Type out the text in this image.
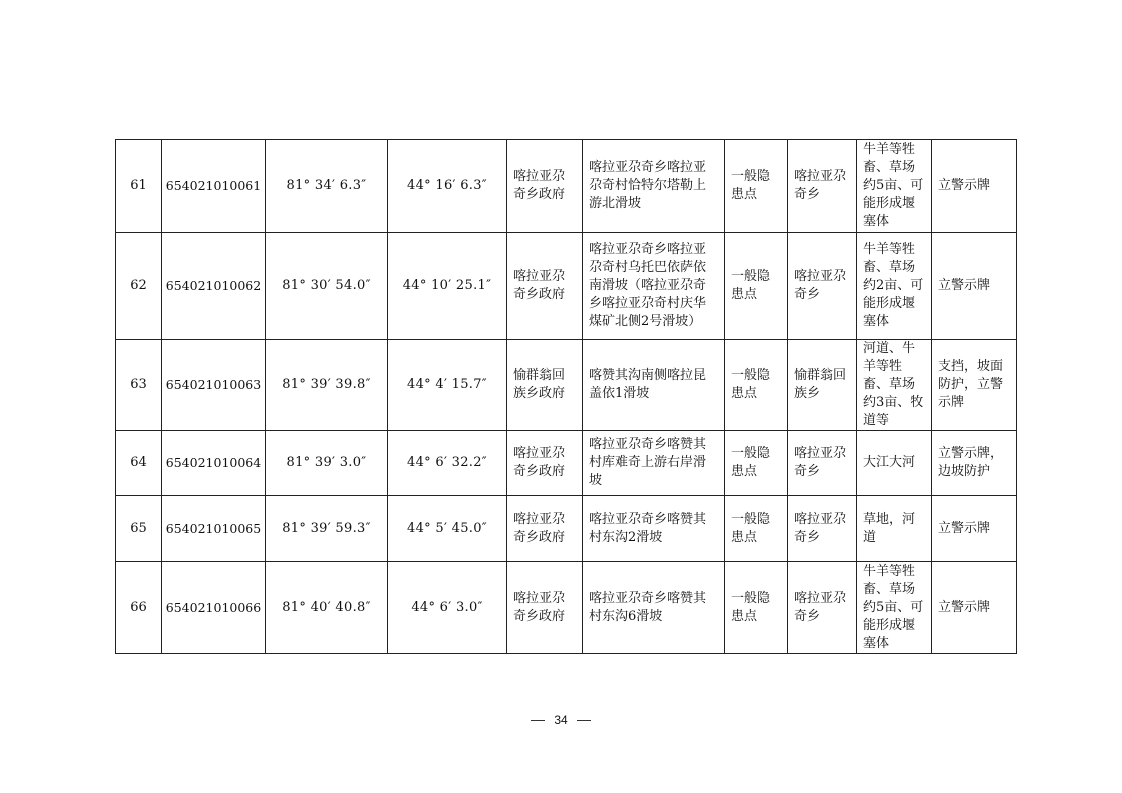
61	654021010061	81° 34′ 6.3″	44° 16′ 6.3″	喀拉亚尕奇乡政府	喀拉亚尕奇乡喀拉亚尕奇村恰特尔塔勒上游北滑坡	一般隐患点	喀拉亚尕奇乡	牛羊等牲畜、草场约5亩、可能形成堰塞体	立警示牌
62	654021010062	81° 30′ 54.0″	44° 10′ 25.1″	喀拉亚尕奇乡政府	喀拉亚尕奇乡喀拉亚尕奇村乌托巴依萨依南滑坡（喀拉亚尕奇乡喀拉亚尕奇村庆华煤矿北侧2号滑坡）	一般隐患点	喀拉亚尕奇乡	牛羊等牲畜、草场约2亩、可能形成堰塞体	立警示牌
63	654021010063	81° 39′ 39.8″	44° 4′ 15.7″	愉群翁回族乡政府	喀赞其沟南侧喀拉昆盖依1滑坡	一般隐患点	愉群翁回族乡	河道、牛羊等牲畜、草场约3亩、牧道等	支挡，坡面防护，立警示牌
64	654021010064	81° 39′ 3.0″	44° 6′ 32.2″	喀拉亚尕奇乡政府	喀拉亚尕奇乡喀赞其村库难奇上游右岸滑坡	一般隐患点	喀拉亚尕奇乡	大江大河	立警示牌，边坡防护
65	654021010065	81° 39′ 59.3″	44° 5′ 45.0″	喀拉亚尕奇乡政府	喀拉亚尕奇乡喀赞其村东沟2滑坡	一般隐患点	喀拉亚尕奇乡	草地，河道	立警示牌
66	654021010066	81° 40′ 40.8″	44° 6′ 3.0″	喀拉亚尕奇乡政府	喀拉亚尕奇乡喀赞其村东沟6滑坡	一般隐患点	喀拉亚尕奇乡	牛羊等牲畜、草场约5亩、可能形成堰塞体	立警示牌
34
